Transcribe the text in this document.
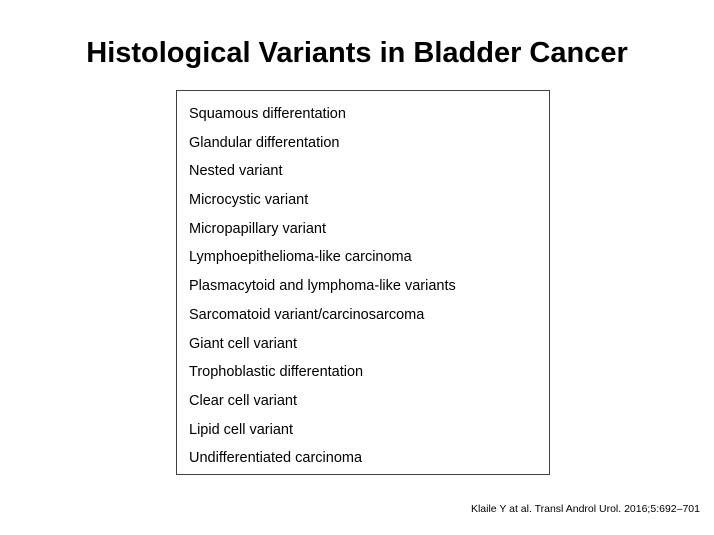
Histological Variants in Bladder Cancer
Squamous differentation
Glandular differentation
Nested variant
Microcystic variant
Micropapillary variant
Lymphoepithelioma-like carcinoma
Plasmacytoid and lymphoma-like variants
Sarcomatoid variant/carcinosarcoma
Giant cell variant
Trophoblastic differentation
Clear cell variant
Lipid cell variant
Undifferentiated carcinoma
Klaile Y at al. Transl Androl Urol. 2016;5:692–701
